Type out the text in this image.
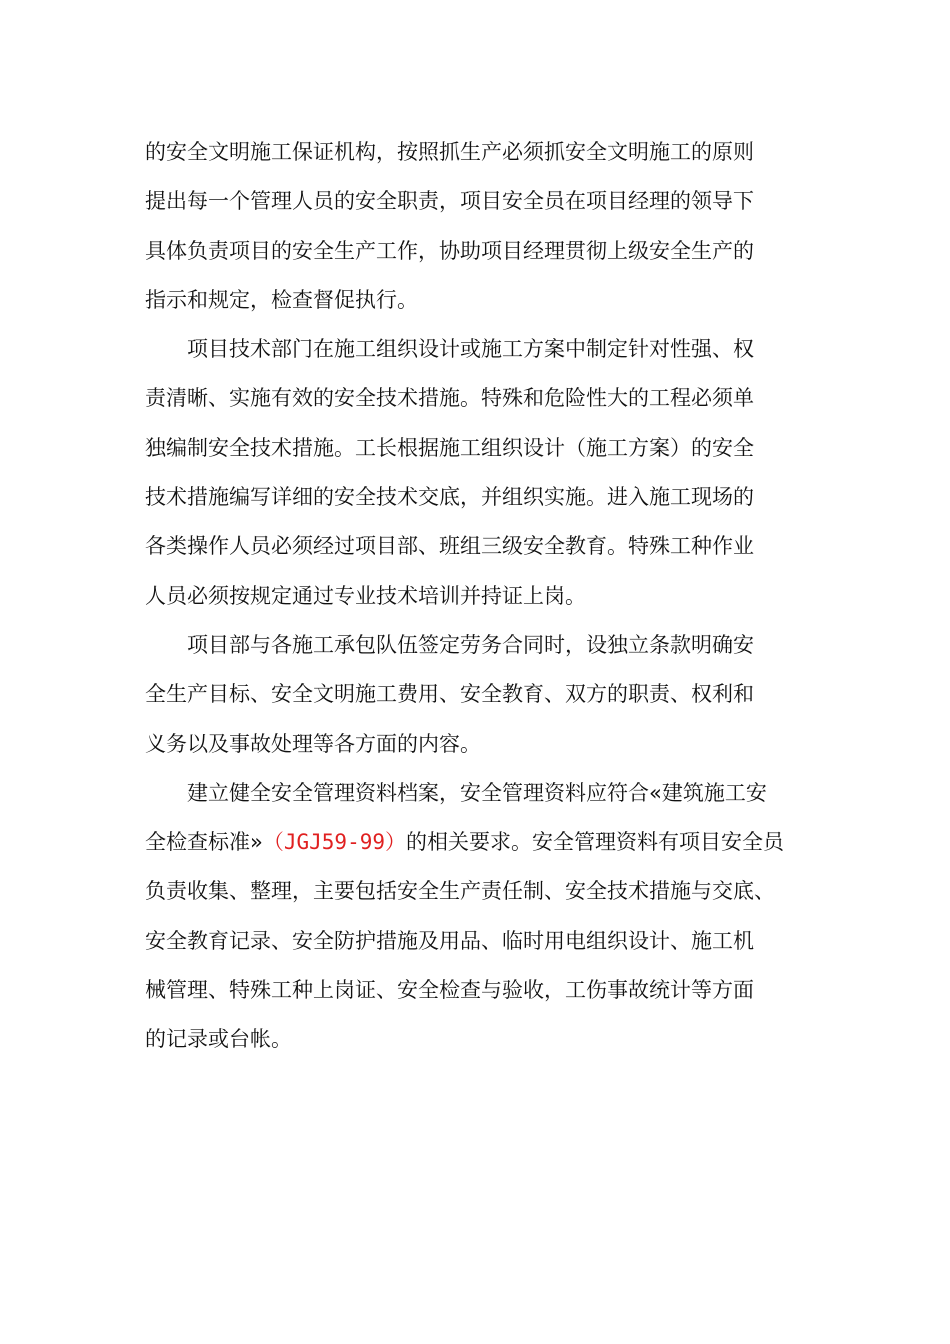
的安全文明施工保证机构，按照抓生产必须抓安全文明施工的原则
提出每一个管理人员的安全职责，项目安全员在项目经理的领导下
具体负责项目的安全生产工作，协助项目经理贯彻上级安全生产的
指示和规定，检查督促执行。
项目技术部门在施工组织设计或施工方案中制定针对性强、权
责清晰、实施有效的安全技术措施。特殊和危险性大的工程必须单
独编制安全技术措施。工长根据施工组织设计（施工方案）的安全
技术措施编写详细的安全技术交底，并组织实施。进入施工现场的
各类操作人员必须经过项目部、班组三级安全教育。特殊工种作业
人员必须按规定通过专业技术培训并持证上岗。
项目部与各施工承包队伍签定劳务合同时，设独立条款明确安
全生产目标、安全文明施工费用、安全教育、双方的职责、权利和
义务以及事故处理等各方面的内容。
建立健全安全管理资料档案，安全管理资料应符合«建筑施工安
全检查标准»（JGJ59-99）的相关要求。安全管理资料有项目安全员
负责收集、整理，主要包括安全生产责任制、安全技术措施与交底、
安全教育记录、安全防护措施及用品、临时用电组织设计、施工机
械管理、特殊工种上岗证、安全检查与验收，工伤事故统计等方面
的记录或台帐。
